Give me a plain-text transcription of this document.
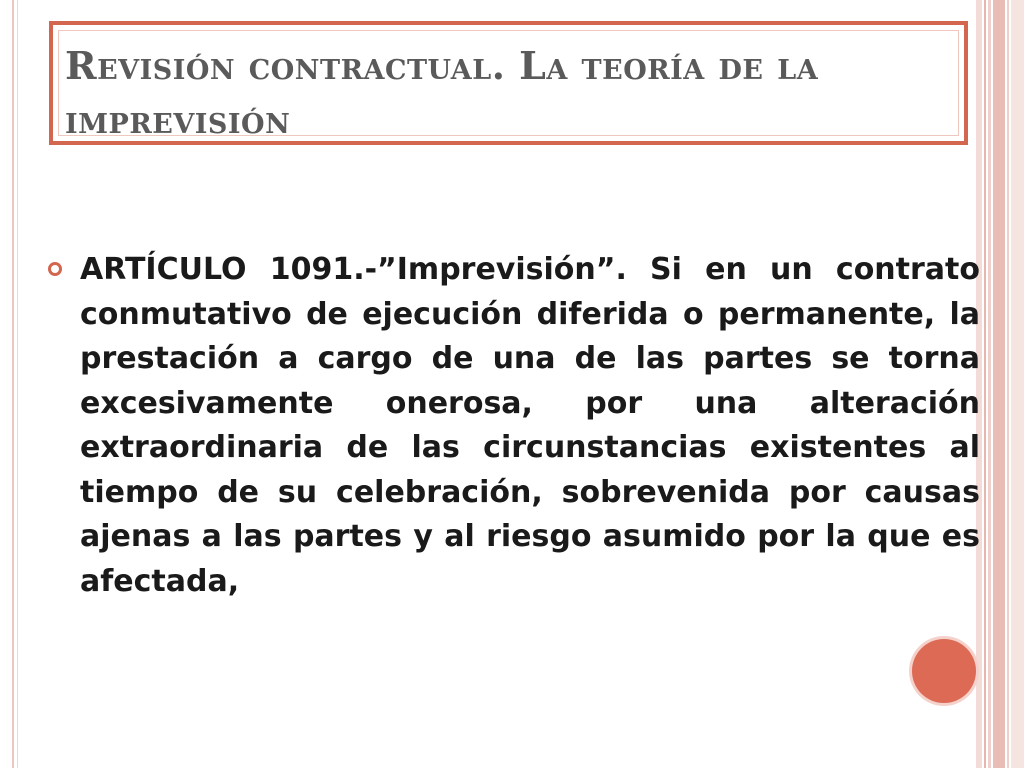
Revisión contractual. La teoría de la imprevisión

ARTÍCULO 1091.-”Imprevisión”. Si en un contrato conmutativo de ejecución diferida o permanente, la prestación a cargo de una de las partes se torna excesivamente onerosa, por una alteración extraordinaria de las circunstancias existentes al tiempo de su celebración, sobrevenida por causas ajenas a las partes y al riesgo asumido por la que es afectada,
